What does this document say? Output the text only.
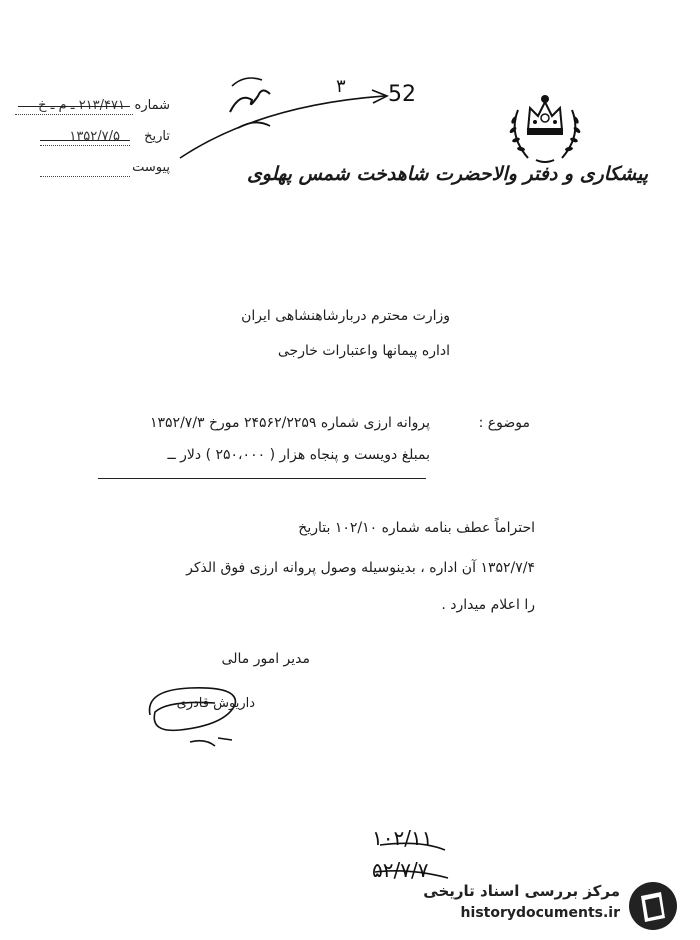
پیشکاری و دفتر والاحضرت شاهدخت شمس پهلوی
شماره
۲۱۳/۴۷۱ ـ م ـ خ
تاریخ
۱۳۵۲/۷/۵
پیوست
52
۳
۱۰۲/۱۱
۵۲/۷/۷
وزارت محترم دربارشاهنشاهی ایران
اداره پیمانها واعتبارات خارجی
موضوع :
پروانه ارزی شماره ۲۴۵۶۲/۲۲۵۹ مورخ ۱۳۵۲/۷/۳
بمبلغ دویست و پنجاه هزار ( ۲۵۰،۰۰۰ ) دلار ــ
احتراماً عطف بنامه شماره ۱۰۲/۱۰ بتاریخ
۱۳۵۲/۷/۴ آن اداره ، بدینوسیله وصول پروانه ارزی فوق الذکر
را اعلام میدارد .
مدیر امور مالی
داریوش قادری
مرکز بررسی اسناد تاریخی
historydocuments.ir
